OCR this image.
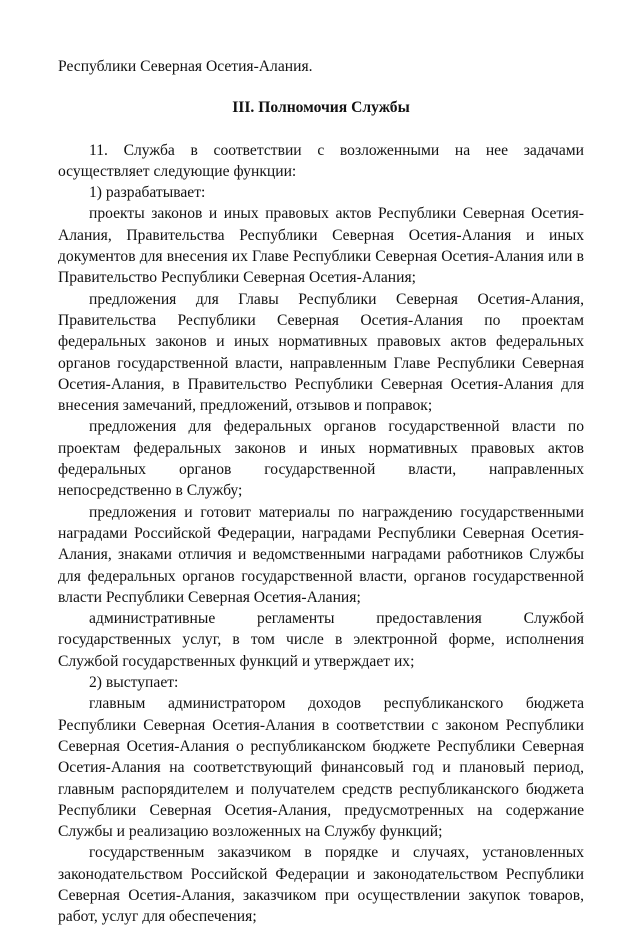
Республики Северная Осетия-Алания.

III. Полномочия Службы

11. Служба в соответствии с возложенными на нее задачами осуществляет следующие функции:

1) разрабатывает:

проекты законов и иных правовых актов Республики Северная Осетия-Алания, Правительства Республики Северная Осетия-Алания и иных документов для внесения их Главе Республики Северная Осетия-Алания или в Правительство Республики Северная Осетия-Алания;

предложения для Главы Республики Северная Осетия-Алания, Правительства Республики Северная Осетия-Алания по проектам федеральных законов и иных нормативных правовых актов федеральных органов государственной власти, направленным Главе Республики Северная Осетия-Алания, в Правительство Республики Северная Осетия-Алания для внесения замечаний, предложений, отзывов и поправок;

предложения для федеральных органов государственной власти по проектам федеральных законов и иных нормативных правовых актов федеральных органов государственной власти, направленных непосредственно в Службу;

предложения и готовит материалы по награждению государственными наградами Российской Федерации, наградами Республики Северная Осетия-Алания, знаками отличия и ведомственными наградами работников Службы для федеральных органов государственной власти, органов государственной власти Республики Северная Осетия-Алания;

административные регламенты предоставления Службой государственных услуг, в том числе в электронной форме, исполнения Службой государственных функций и утверждает их;

2) выступает:

главным администратором доходов республиканского бюджета Республики Северная Осетия-Алания в соответствии с законом Республики Северная Осетия-Алания о республиканском бюджете Республики Северная Осетия-Алания на соответствующий финансовый год и плановый период, главным распорядителем и получателем средств республиканского бюджета Республики Северная Осетия-Алания, предусмотренных на содержание Службы и реализацию возложенных на Службу функций;

государственным заказчиком в порядке и случаях, установленных законодательством Российской Федерации и законодательством Республики Северная Осетия-Алания, заказчиком при осуществлении закупок товаров, работ, услуг для обеспечения;
